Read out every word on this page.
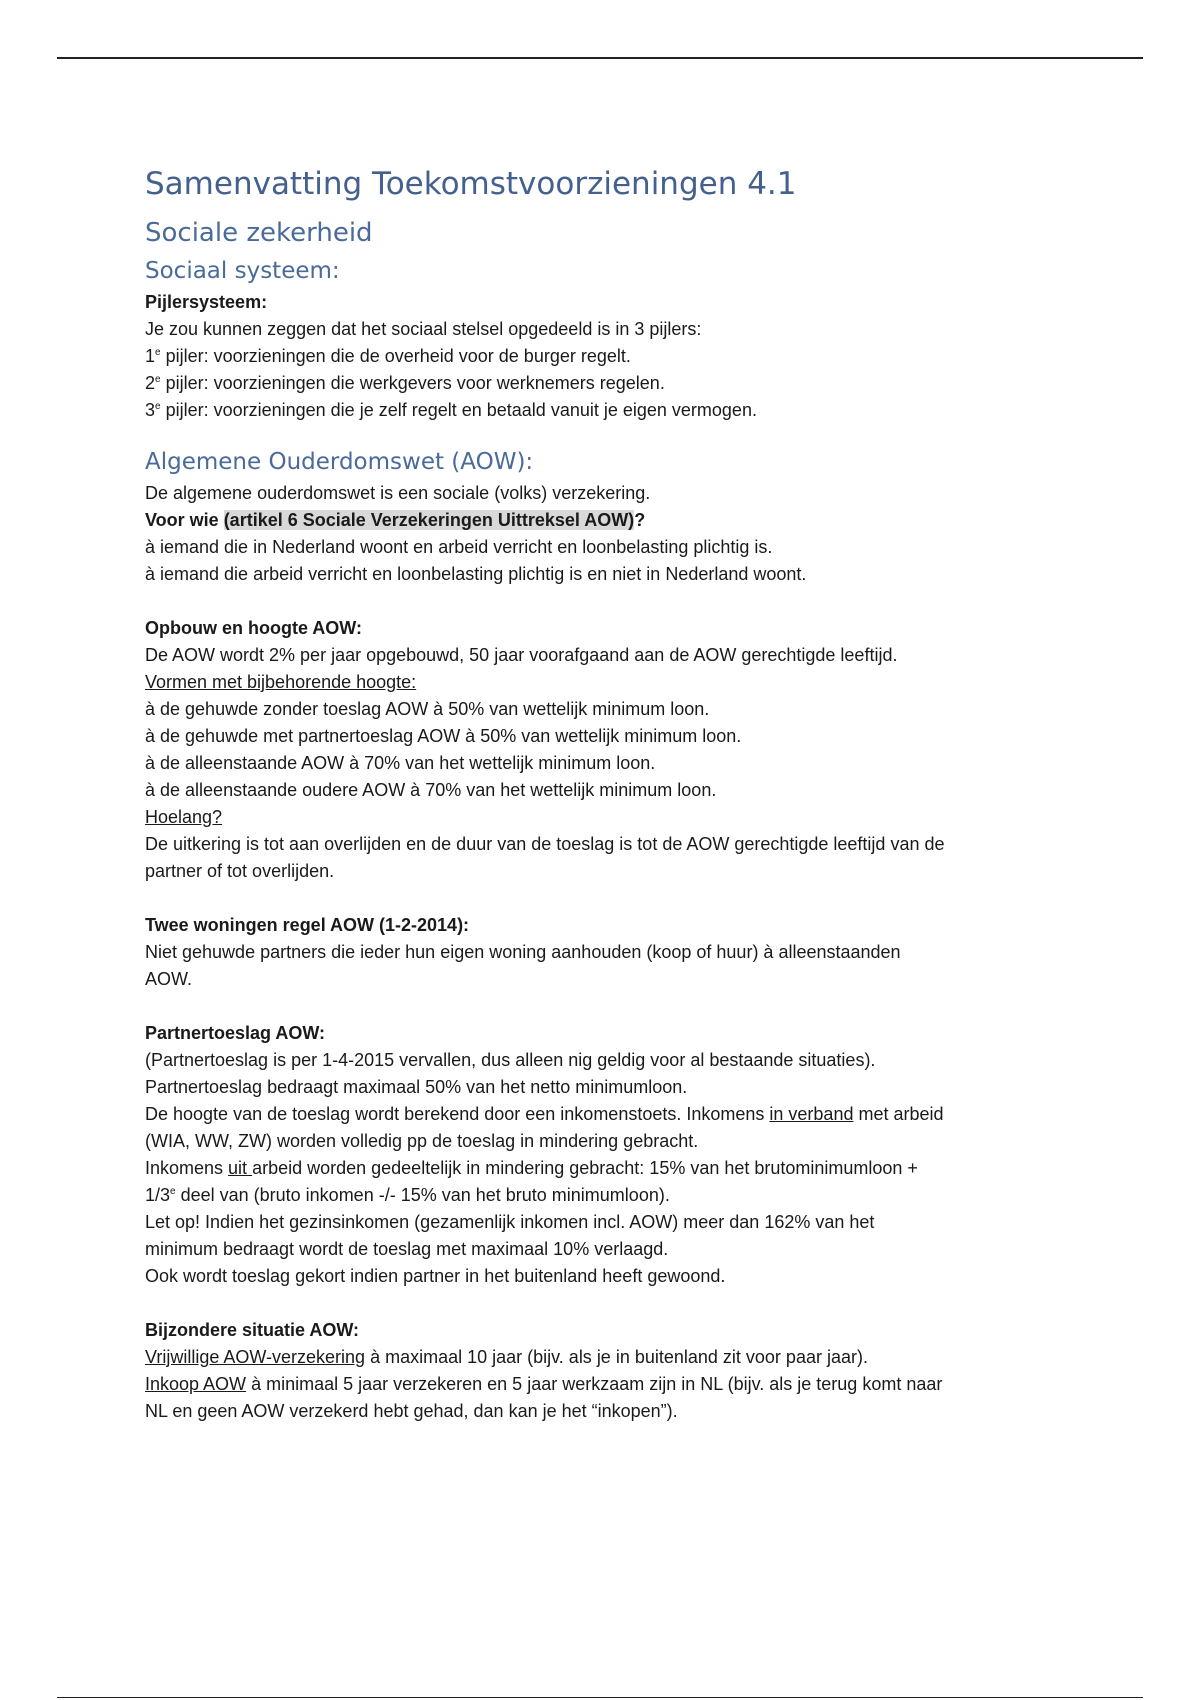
Samenvatting Toekomstvoorzieningen 4.1
Sociale zekerheid
Sociaal systeem:

Pijlersysteem:

Je zou kunnen zeggen dat het sociaal stelsel opgedeeld is in 3 pijlers:

1e pijler: voorzieningen die de overheid voor de burger regelt.

2e pijler: voorzieningen die werkgevers voor werknemers regelen.

3e pijler: voorzieningen die je zelf regelt en betaald vanuit je eigen vermogen.

Algemene Ouderdomswet (AOW):

De algemene ouderdomswet is een sociale (volks) verzekering.

Voor wie (artikel 6 Sociale Verzekeringen Uittreksel AOW)?

à iemand die in Nederland woont en arbeid verricht en loonbelasting plichtig is.

à iemand die arbeid verricht en loonbelasting plichtig is en niet in Nederland woont.

Opbouw en hoogte AOW:

De AOW wordt 2% per jaar opgebouwd, 50 jaar voorafgaand aan de AOW gerechtigde leeftijd.

Vormen met bijbehorende hoogte:

à de gehuwde zonder toeslag AOW à 50% van wettelijk minimum loon.

à de gehuwde met partnertoeslag AOW à 50% van wettelijk minimum loon.

à de alleenstaande AOW à 70% van het wettelijk minimum loon.

à de alleenstaande oudere AOW à 70% van het wettelijk minimum loon.

Hoelang?

De uitkering is tot aan overlijden en de duur van de toeslag is tot de AOW gerechtigde leeftijd van de

partner of tot overlijden.

Twee woningen regel AOW (1-2-2014):

Niet gehuwde partners die ieder hun eigen woning aanhouden (koop of huur) à alleenstaanden

AOW.

Partnertoeslag AOW:

(Partnertoeslag is per 1-4-2015 vervallen, dus alleen nig geldig voor al bestaande situaties).

Partnertoeslag bedraagt maximaal 50% van het netto minimumloon.

De hoogte van de toeslag wordt berekend door een inkomenstoets. Inkomens in verband met arbeid

(WIA, WW, ZW) worden volledig pp de toeslag in mindering gebracht.

Inkomens uit arbeid worden gedeeltelijk in mindering gebracht: 15% van het brutominimumloon +

1/3e deel van (bruto inkomen -/- 15% van het bruto minimumloon).

Let op! Indien het gezinsinkomen (gezamenlijk inkomen incl. AOW) meer dan 162% van het

minimum bedraagt wordt de toeslag met maximaal 10% verlaagd.

Ook wordt toeslag gekort indien partner in het buitenland heeft gewoond.

Bijzondere situatie AOW:

Vrijwillige AOW-verzekering à maximaal 10 jaar (bijv. als je in buitenland zit voor paar jaar).

Inkoop AOW à minimaal 5 jaar verzekeren en 5 jaar werkzaam zijn in NL (bijv. als je terug komt naar

NL en geen AOW verzekerd hebt gehad, dan kan je het “inkopen”).
